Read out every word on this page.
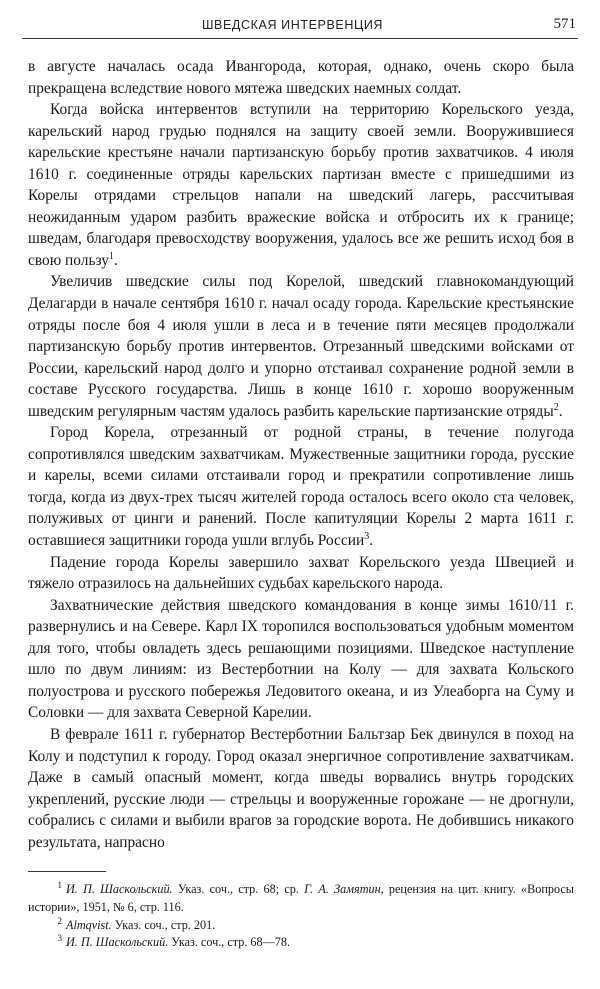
ШВЕДСКАЯ ИНТЕРВЕНЦИЯ	571

в августе началась осада Ивангорода, которая, однако, очень скоро была прекращена вследствие нового мятежа шведских наемных солдат.

Когда войска интервентов вступили на территорию Корельского уезда, карельский народ грудью поднялся на защиту своей земли. Вооружившиеся карельские крестьяне начали партизанскую борьбу против захватчиков. 4 июля 1610 г. соединенные отряды карельских партизан вместе с пришедшими из Корелы отрядами стрельцов напали на шведский лагерь, рассчитывая неожиданным ударом разбить вражеские войска и отбросить их к границе; шведам, благодаря превосходству вооружения, удалось все же решить исход боя в свою пользу$^1$.

Увеличив шведские силы под Корелой, шведский главнокомандующий Делагарди в начале сентября 1610 г. начал осаду города. Карельские крестьянские отряды после боя 4 июля ушли в леса и в течение пяти месяцев продолжали партизанскую борьбу против интервентов. Отрезанный шведскими войсками от России, карельский народ долго и упорно отстаивал сохранение родной земли в составе Русского государства. Лишь в конце 1610 г. хорошо вооруженным шведским регулярным частям удалось разбить карельские партизанские отряды$^2$.

Город Корела, отрезанный от родной страны, в течение полугода сопротивлялся шведским захватчикам. Мужественные защитники города, русские и карелы, всеми силами отстаивали город и прекратили сопротивление лишь тогда, когда из двух-трех тысяч жителей города осталось всего около ста человек, полуживых от цинги и ранений. После капитуляции Корелы 2 марта 1611 г. оставшиеся защитники города ушли вглубь России$^3$.

Падение города Корелы завершило захват Корельского уезда Швецией и тяжело отразилось на дальнейших судьбах карельского народа.

Захватнические действия шведского командования в конце зимы 1610/11 г. развернулись и на Севере. Карл IX торопился воспользоваться удобным моментом для того, чтобы овладеть здесь решающими позициями. Шведское наступление шло по двум линиям: из Вестерботнии на Колу — для захвата Кольского полуострова и русского побережья Ледовитого океана, и из Улеаборга на Суму и Соловки — для захвата Северной Карелии.

В феврале 1611 г. губернатор Вестерботнии Бальтзар Бек двинулся в поход на Колу и подступил к городу. Город оказал энергичное сопротивление захватчикам. Даже в самый опасный момент, когда шведы ворвались внутрь городских укреплений, русские люди — стрельцы и вооруженные горожане — не дрогнули, собрались с силами и выбили врагов за городские ворота. Не добившись никакого результата, напрасно

1 И. П. Шаскольский. Указ. соч., стр. 68; ср. Г. А. Замятин, рецензия на цит. книгу. «Вопросы истории», 1951, № 6, стр. 116.

2 Almqvist. Указ. соч., стр. 201.

3 И. П. Шаскольский. Указ. соч., стр. 68—78.
